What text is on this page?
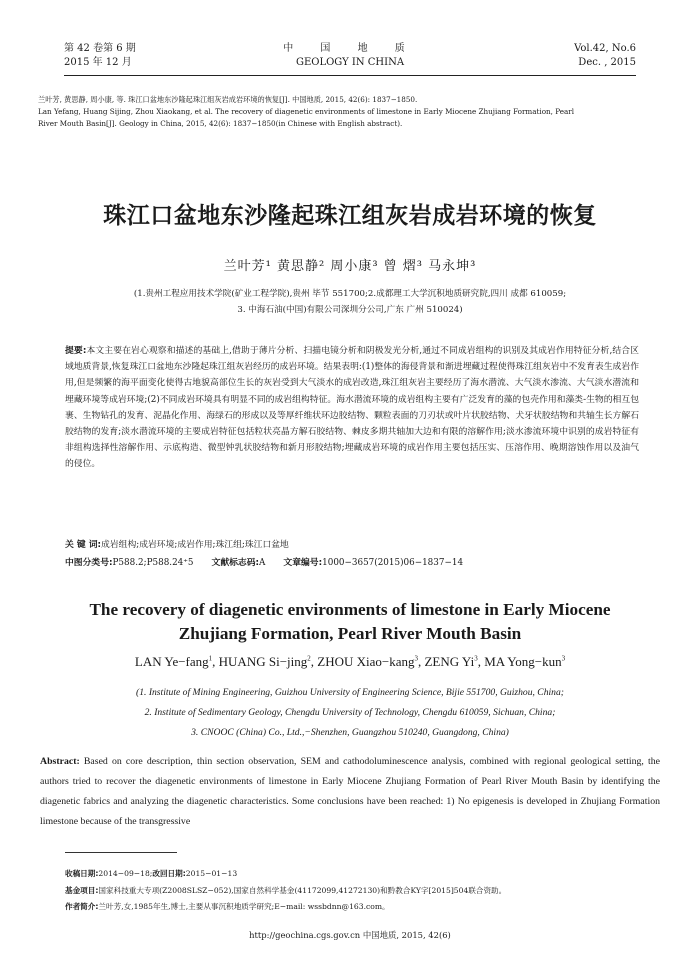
第 42 卷第 6 期
2015 年 12 月
中 国 地 质
GEOLOGY IN CHINA
Vol.42, No.6
Dec. , 2015
兰叶芳, 黄思静, 周小康, 等. 珠江口盆地东沙隆起珠江组灰岩成岩环境的恢复[J]. 中国地质, 2015, 42(6): 1837−1850.
Lan Yefang, Huang Sijing, Zhou Xiaokang, et al. The recovery of diagenetic environments of limestone in Early Miocene Zhujiang Formation, Pearl
River Mouth Basin[J]. Geology in China, 2015, 42(6): 1837−1850(in Chinese with English abstract).
珠江口盆地东沙隆起珠江组灰岩成岩环境的恢复
兰叶芳¹ 黄思静² 周小康³ 曾 熠³ 马永坤³
(1.贵州工程应用技术学院(矿业工程学院),贵州 毕节 551700;2.成都理工大学沉积地质研究院,四川 成都 610059;
3. 中海石油(中国)有限公司深圳分公司,广东 广州 510024)
提要:本文主要在岩心观察和描述的基础上,借助于薄片分析、扫描电镜分析和阴极发光分析,通过不同成岩组构的识别及其成岩作用特征分析,结合区域地质背景,恢复珠江口盆地东沙隆起珠江组灰岩经历的成岩环境。结果表明:(1)整体的海侵背景和渐进埋藏过程使得珠江组灰岩中不发育表生成岩作用,但是频繁的海平面变化使得古地貌高部位生长的灰岩受到大气淡水的成岩改造,珠江组灰岩主要经历了海水潜流、大气淡水渗流、大气淡水潜流和埋藏环境等成岩环境;(2)不同成岩环境具有明显不同的成岩组构特征。海水潜流环境的成岩组构主要有广泛发育的藻的包壳作用和藻类-生物的相互包裹、生物钻孔的发育、泥晶化作用、海绿石的形成以及等厚纤维状环边胶结物、颗粒表面的刀刃状或叶片状胶结物、犬牙状胶结物和共轴生长方解石胶结物的发育;淡水潜流环境的主要成岩特征包括粒状亮晶方解石胶结物、棘皮多期共轴加大边和有限的溶解作用;淡水渗流环境中识别的成岩特征有非组构选择性溶解作用、示底构造、微型钟乳状胶结物和新月形胶结物;埋藏成岩环境的成岩作用主要包括压实、压溶作用、晚期溶蚀作用以及油气的侵位。
关 键 词:成岩组构;成岩环境;成岩作用;珠江组;珠江口盆地
中图分类号:P588.2;P588.24⁺5 文献标志码:A 文章编号:1000−3657(2015)06−1837−14
The recovery of diagenetic environments of limestone in Early Miocene
Zhujiang Formation, Pearl River Mouth Basin
LAN Ye−fang$^1$, HUANG Si−jing$^2$, ZHOU Xiao−kang$^3$, ZENG Yi$^3$, MA Yong−kun$^3$
(1. Institute of Mining Engineering, Guizhou University of Engineering Science, Bijie 551700, Guizhou, China;
2. Institute of Sedimentary Geology, Chengdu University of Technology, Chengdu 610059, Sichuan, China;
3. CNOOC (China) Co., Ltd.,−Shenzhen, Guangzhou 510240, Guangdong, China)
Abstract: Based on core description, thin section observation, SEM and cathodoluminescence analysis, combined with regional geological setting, the authors tried to recover the diagenetic environments of limestone in Early Miocene Zhujiang Formation of Pearl River Mouth Basin by identifying the diagenetic fabrics and analyzing the diagenetic characteristics. Some conclusions have been reached: 1) No epigenesis is developed in Zhujiang Formation limestone because of the transgressive
收稿日期:2014−09−18;改回日期:2015−01−13
基金项目:国家科技重大专项(Z2008SLSZ−052),国家自然科学基金(41172099,41272130)和黔教合KY字[2015]504联合资助。
作者简介:兰叶芳,女,1985年生,博士,主要从事沉积地质学研究;E−mail: wssbdnn@163.com。
http://geochina.cgs.gov.cn 中国地质, 2015, 42(6)
